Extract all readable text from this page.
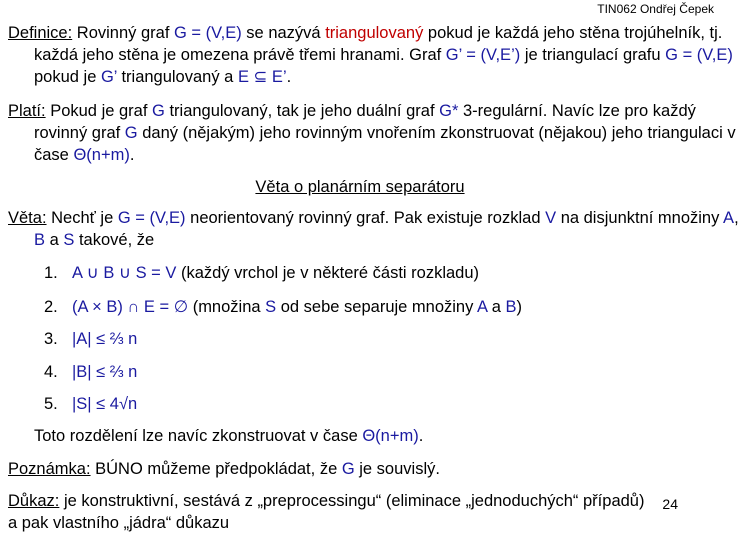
TIN062 Ondřej Čepek
Definice: Rovinný graf G = (V,E) se nazývá triangulovaný pokud je každá jeho stěna trojúhelník, tj. každá jeho stěna je omezena právě třemi hranami. Graf G’ = (V,E’) je triangulací grafu G = (V,E) pokud je G’ triangulovaný a E ⊆ E’.
Platí: Pokud je graf G triangulovaný, tak je jeho duální graf G* 3-regulární. Navíc lze pro každý rovinný graf G daný (nějakým) jeho rovinným vnořením zkonstruovat (nějakou) jeho triangulaci v čase Θ(n+m).
Věta o planárním separátoru
Věta: Nechť je G = (V,E) neorientovaný rovinný graf. Pak existuje rozklad V na disjunktní množiny A, B a S takové, že
1. A ∪ B ∪ S = V (každý vrchol je v některé části rozkladu)
2. (A × B) ∩ E = ∅ (množina S od sebe separuje množiny A a B)
3. |A| ≤ ⅔ n
4. |B| ≤ ⅔ n
5. |S| ≤ 4√n
Toto rozdělení lze navíc zkonstruovat v čase Θ(n+m).
Poznámka: BÚNO můžeme předpokládat, že G je souvislý.
Důkaz: je konstruktivní, sestává z „preprocessingu“ (eliminace „jednoduchých“ případů) a pak vlastního „jádra“ důkazu
24
